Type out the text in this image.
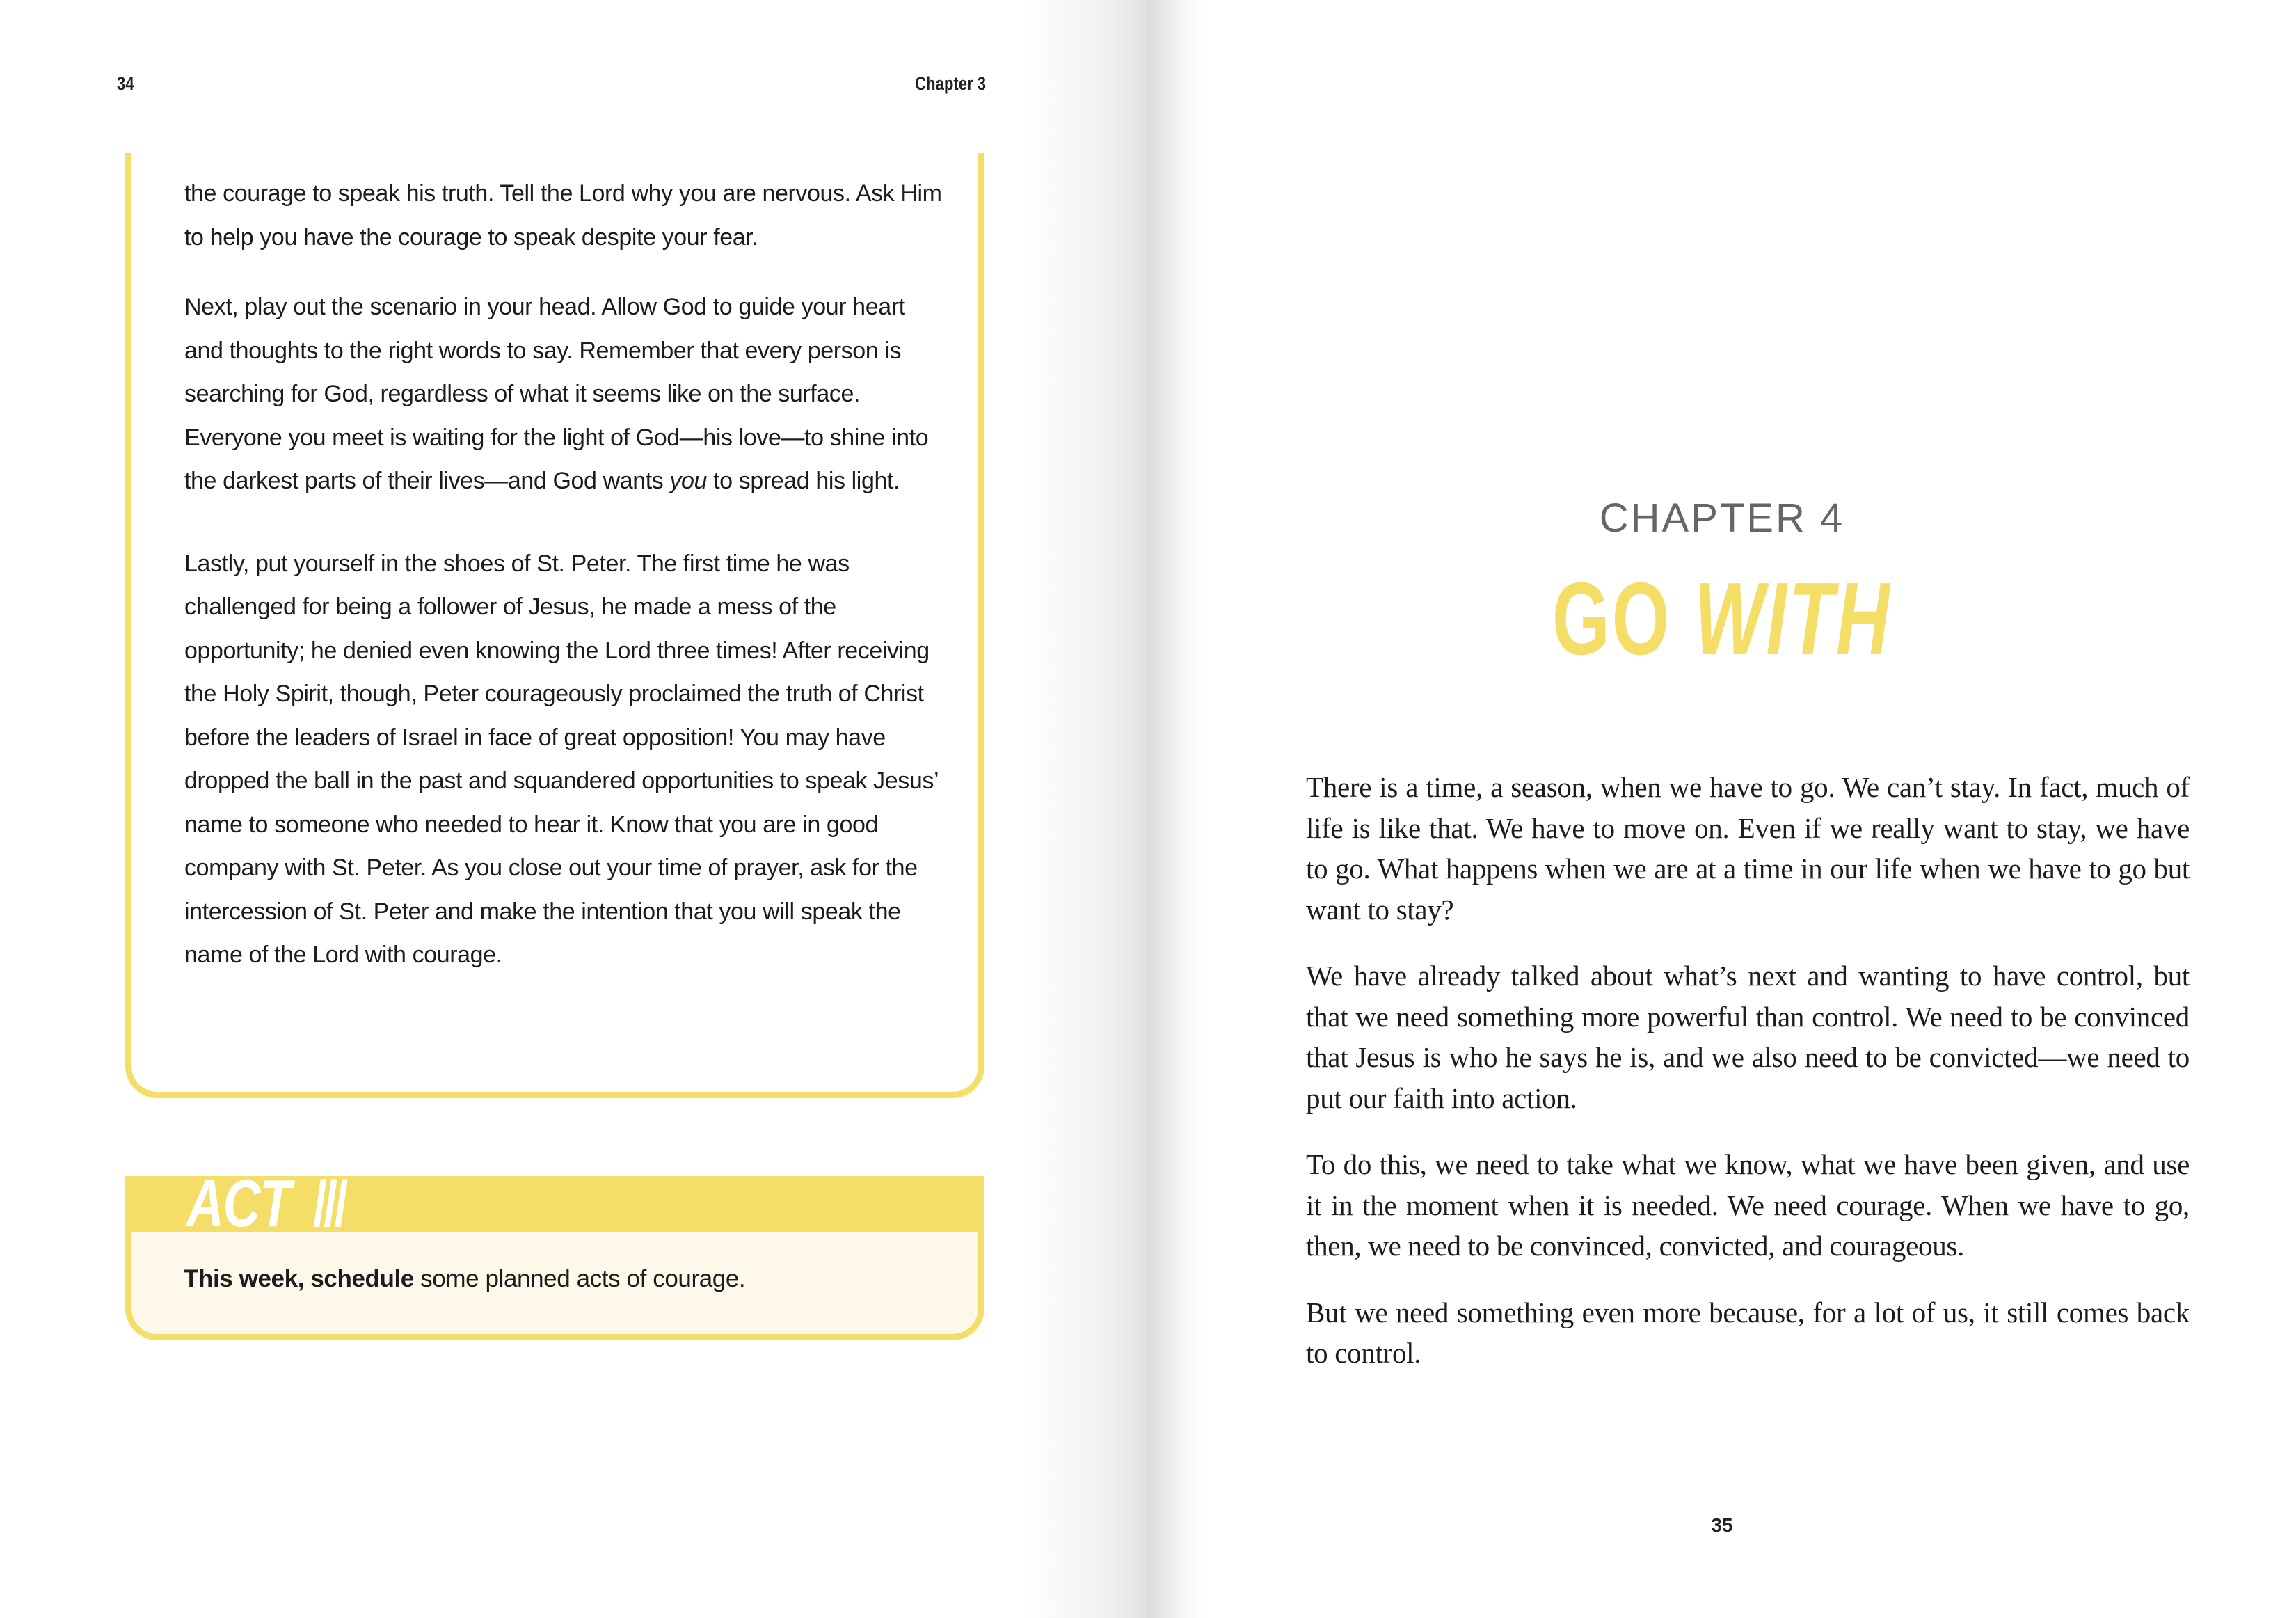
34	Chapter 3

the courage to speak his truth. Tell the Lord why you are nervous. Ask Him to help you have the courage to speak despite your fear.

Next, play out the scenario in your head. Allow God to guide your heart and thoughts to the right words to say. Remember that every person is searching for God, regardless of what it seems like on the surface. Everyone you meet is waiting for the light of God—his love—to shine into the darkest parts of their lives—and God wants you to spread his light.

Lastly, put yourself in the shoes of St. Peter. The first time he was challenged for being a follower of Jesus, he made a mess of the opportunity; he denied even knowing the Lord three times! After receiving the Holy Spirit, though, Peter courageously proclaimed the truth of Christ before the leaders of Israel in face of great opposition! You may have dropped the ball in the past and squandered opportunities to speak Jesus’ name to someone who needed to hear it. Know that you are in good company with St. Peter. As you close out your time of prayer, ask for the intercession of St. Peter and make the intention that you will speak the name of the Lord with courage.

ACT ///
This week, schedule some planned acts of courage.
CHAPTER 4
GO WITH

There is a time, a season, when we have to go. We can’t stay. In fact, much of life is like that. We have to move on. Even if we really want to stay, we have to go. What happens when we are at a time in our life when we have to go but want to stay?

We have already talked about what’s next and wanting to have control, but that we need something more powerful than control. We need to be convinced that Jesus is who he says he is, and we also need to be convicted—we need to put our faith into action.

To do this, we need to take what we know, what we have been given, and use it in the moment when it is needed. We need courage. When we have to go, then, we need to be convinced, convicted, and courageous.

But we need something even more because, for a lot of us, it still comes back to control.

35
